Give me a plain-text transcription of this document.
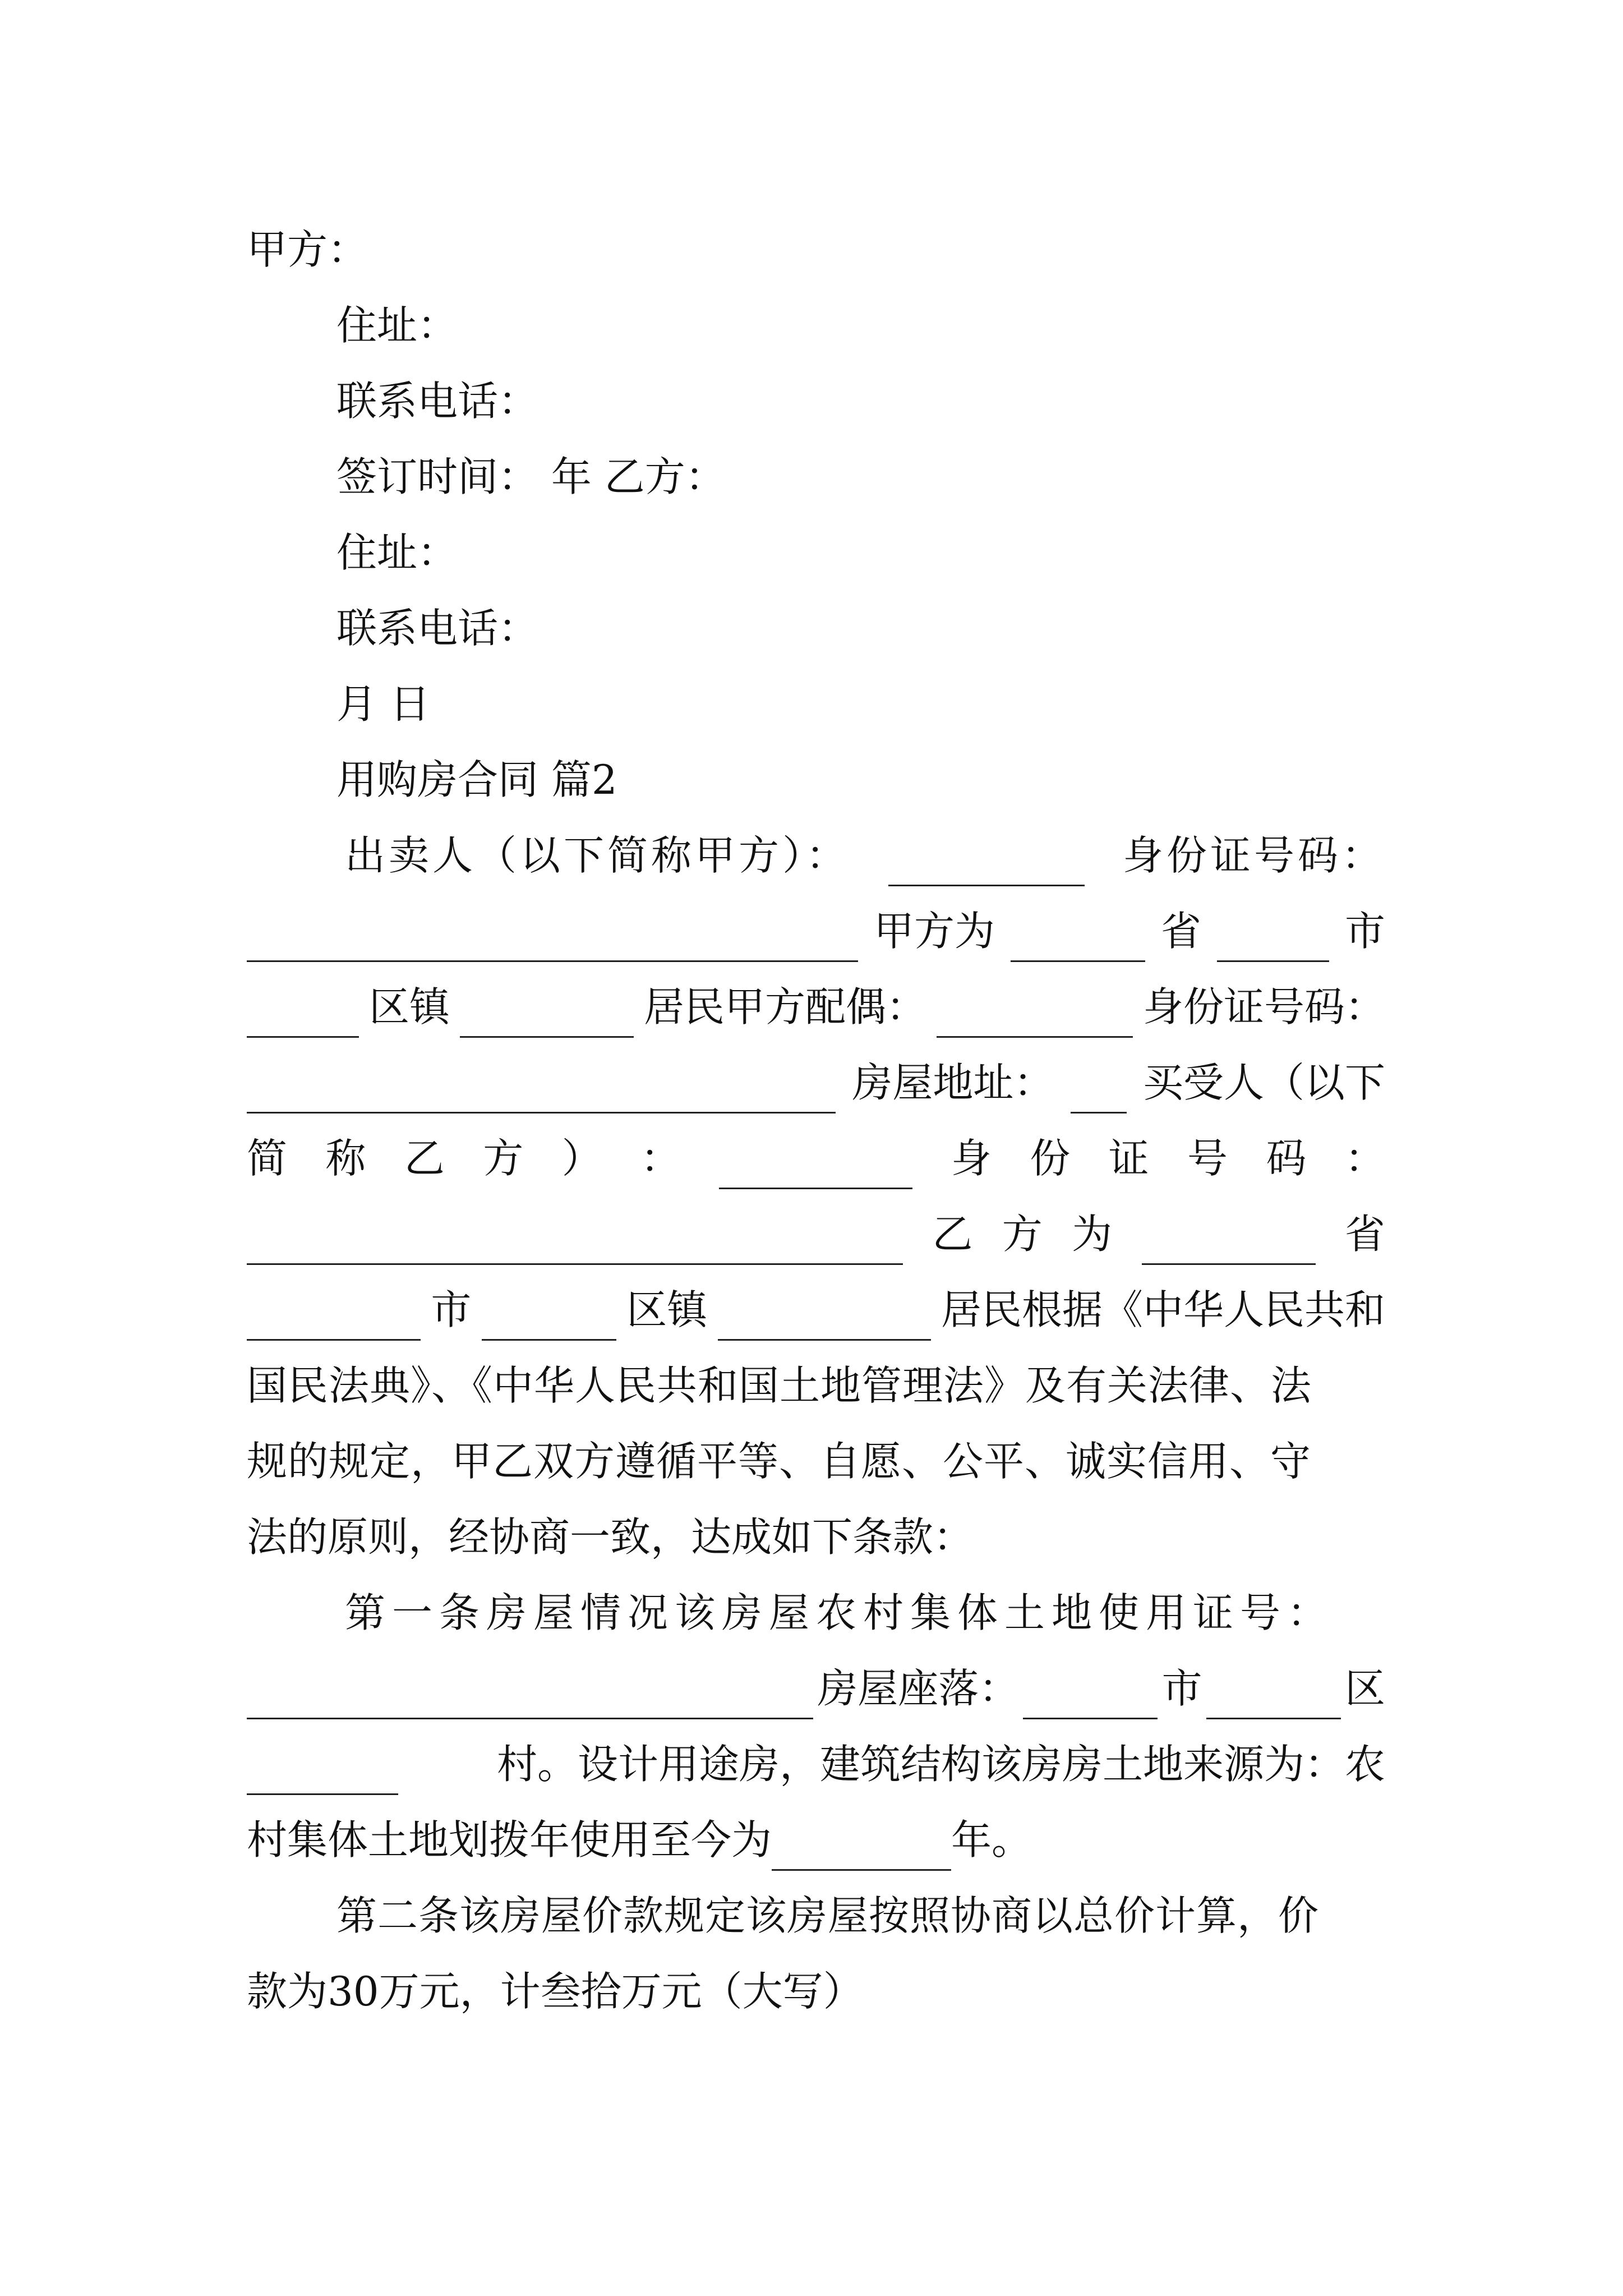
甲方：
住址：
联系电话：
签订时间： 年 乙方：
住址：
联系电话：
月 日
用购房合同 篇2
出卖人（以下简称甲方）：	身份证号码：
甲方为	省	市
区镇	居民甲方配偶：	身份证号码：
房屋地址： 买受人（以下
简 称 乙 方 ） ：	身 份 证 号 码 ：
乙 方 为	省
市	区镇	居民根据《中华人民共和
国民法典》、《中华人民共和国土地管理法》及有关法律、法
规的规定，甲乙双方遵循平等、自愿、公平、诚实信用、守
法的原则，经协商一致，达成如下条款：
第一条房屋情况该房屋农村集体土地使用证号：
房屋座落：	市	区
村。设计用途房，建筑结构该房房土地来源为：农
村集体土地划拨年使用至今为	年。
第二条该房屋价款规定该房屋按照协商以总价计算，价
款为30万元，计叁拾万元（大写）
